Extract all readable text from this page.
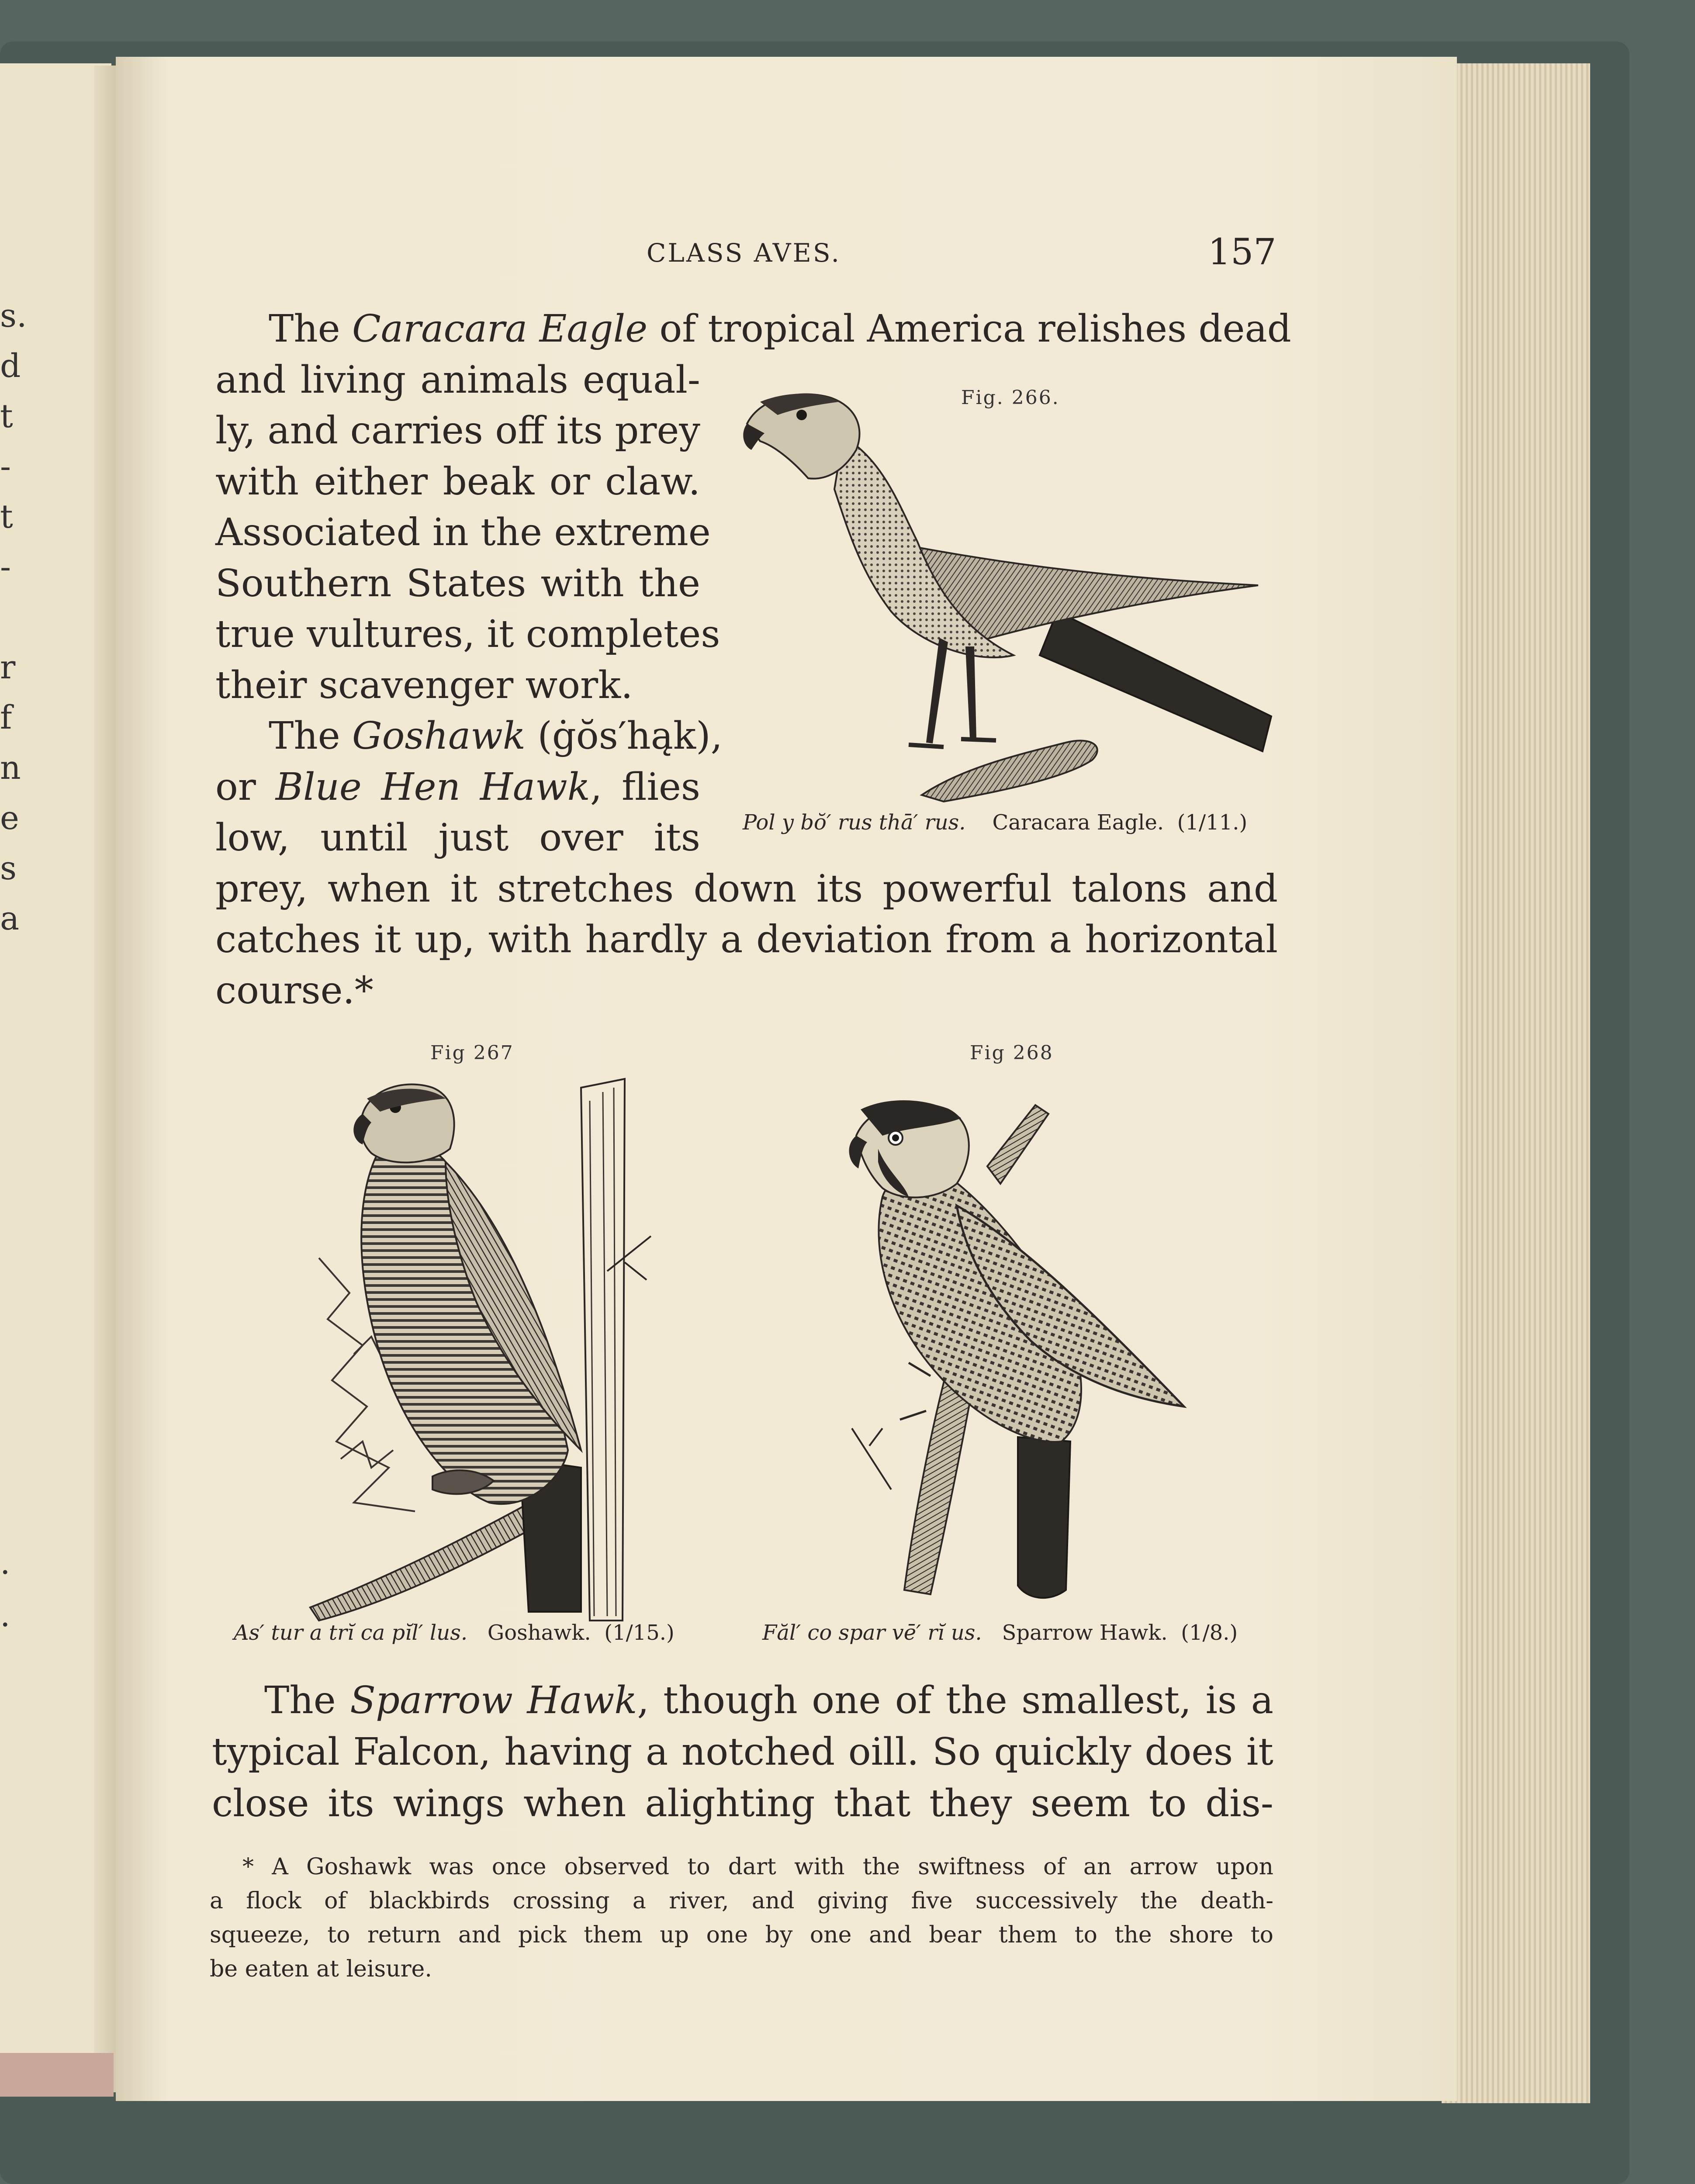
s.
d
t
-
t
-
r
f
n
e
s
a
.
.
CLASS AVES.	157
The Caracara Eagle of tropical America relishes dead
and living animals equal-
ly, and carries off its prey
with either beak or claw.
Associated in the extreme
Southern States with the
true vultures, it completes
their scavenger work.
The Goshawk (ġŏs′hąk),
or Blue Hen Hawk, flies
low, until just over its
prey, when it stretches down its powerful talons and
catches it up, with hardly a deviation from a horizontal
course.*
Fig. 266.
Pol y bŏ′ rus thā′ rus. Caracara Eagle. (1/11.)
Fig 267
As′ tur a trĭ ca pĭl′ lus. Goshawk. (1/15.)
Fig 268
Făl′ co spar vē′ rĭ us. Sparrow Hawk. (1/8.)
The Sparrow Hawk, though one of the smallest, is a
typical Falcon, having a notched oill. So quickly does it
close its wings when alighting that they seem to dis-
* A Goshawk was once observed to dart with the swiftness of an arrow upon
a flock of blackbirds crossing a river, and giving five successively the death-
squeeze, to return and pick them up one by one and bear them to the shore to
be eaten at leisure.
